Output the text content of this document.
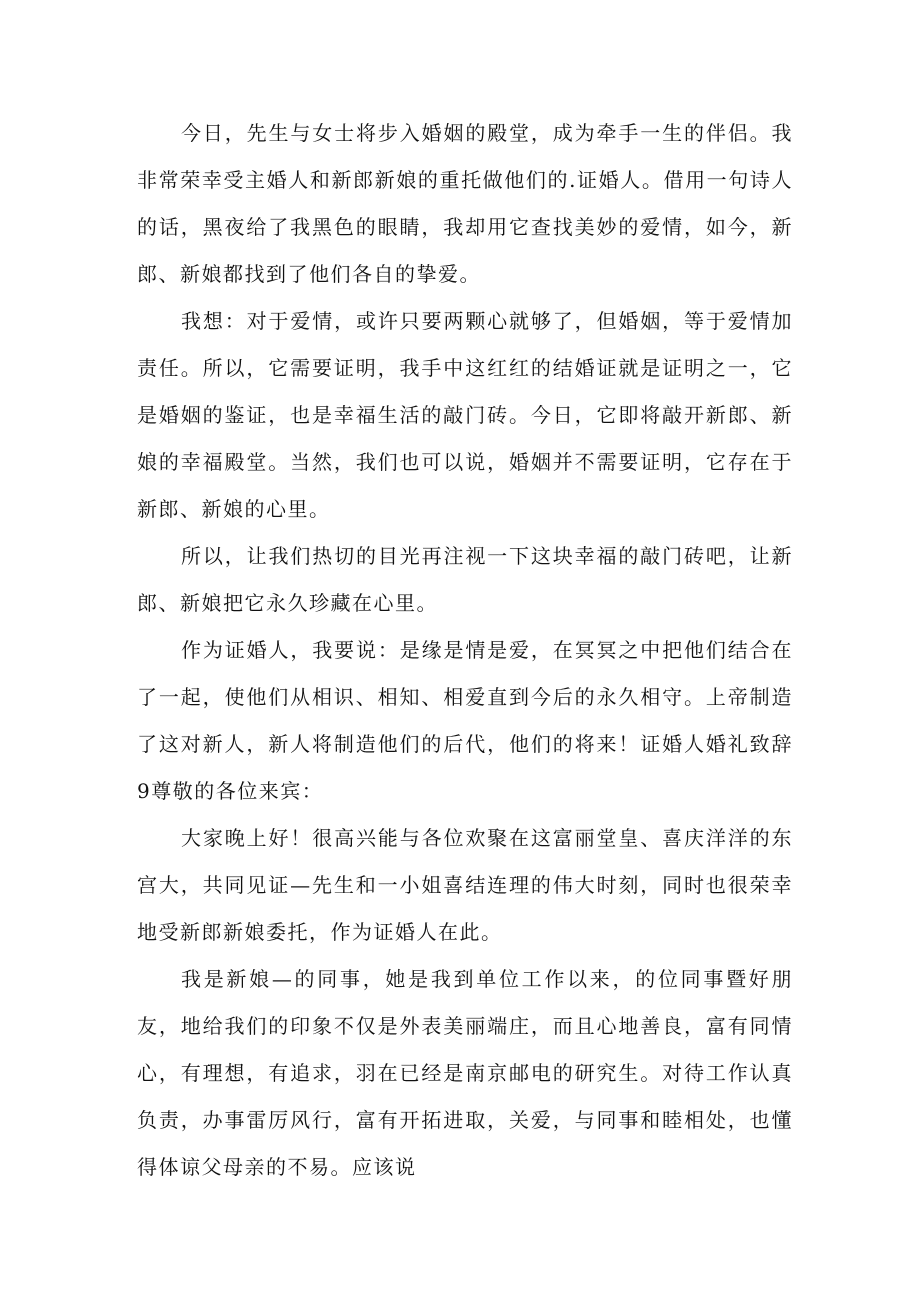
今日，先生与女士将步入婚姻的殿堂，成为牵手一生的伴侣。我非常荣幸受主婚人和新郎新娘的重托做他们的.证婚人。借用一句诗人的话，黑夜给了我黑色的眼睛，我却用它查找美妙的爱情，如今，新郎、新娘都找到了他们各自的挚爱。

我想：对于爱情，或许只要两颗心就够了，但婚姻，等于爱情加责任。所以，它需要证明，我手中这红红的结婚证就是证明之一，它是婚姻的鉴证，也是幸福生活的敲门砖。今日，它即将敲开新郎、新娘的幸福殿堂。当然，我们也可以说，婚姻并不需要证明，它存在于新郎、新娘的心里。

所以，让我们热切的目光再注视一下这块幸福的敲门砖吧，让新郎、新娘把它永久珍藏在心里。

作为证婚人，我要说：是缘是情是爱，在冥冥之中把他们结合在了一起，使他们从相识、相知、相爱直到今后的永久相守。上帝制造了这对新人，新人将制造他们的后代，他们的将来！证婚人婚礼致辞9尊敬的各位来宾：

大家晚上好！很高兴能与各位欢聚在这富丽堂皇、喜庆洋洋的东宫大，共同见证—先生和一小姐喜结连理的伟大时刻，同时也很荣幸地受新郎新娘委托，作为证婚人在此。

我是新娘—的同事，她是我到单位工作以来，的位同事暨好朋友，地给我们的印象不仅是外表美丽端庄，而且心地善良，富有同情心，有理想，有追求，羽在已经是南京邮电的研究生。对待工作认真负责，办事雷厉风行，富有开拓进取，关爱，与同事和睦相处，也懂得体谅父母亲的不易。应该说
